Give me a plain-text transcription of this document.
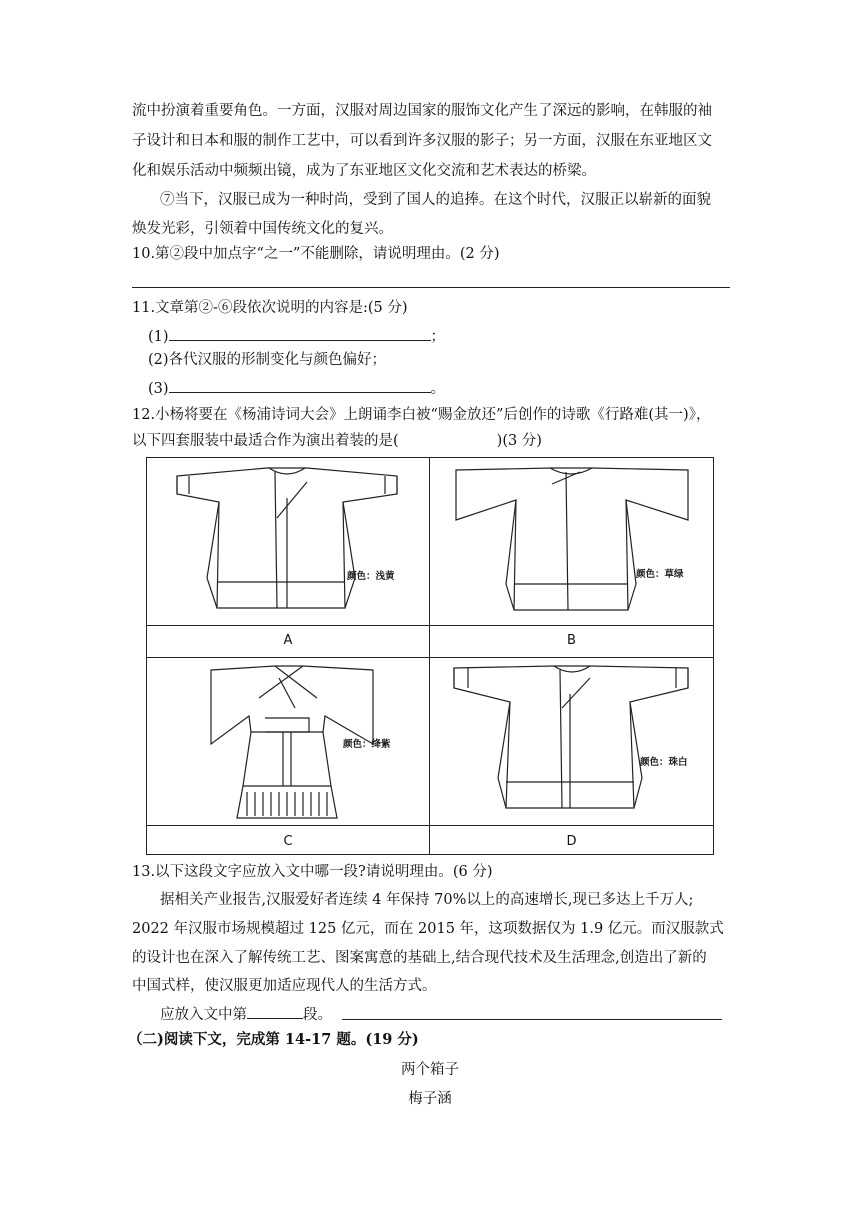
流中扮演着重要角色。一方面，汉服对周边国家的服饰文化产生了深远的影响，在韩服的袖
子设计和日本和服的制作工艺中，可以看到许多汉服的影子；另一方面，汉服在东亚地区文
化和娱乐活动中频频出镜，成为了东亚地区文化交流和艺术表达的桥梁。
⑦当下，汉服已成为一种时尚，受到了国人的追捧。在这个时代，汉服正以崭新的面貌
焕发光彩，引领着中国传统文化的复兴。
10.第②段中加点字“之一”不能删除，请说明理由。(2 分)
11.文章第②-⑥段依次说明的内容是:(5 分)
(1)	；
(2)各代汉服的形制变化与颜色偏好；
(3)	。
12.小杨将要在《杨浦诗词大会》上朗诵李白被“赐金放还”后创作的诗歌《行路难(其一)》，
以下四套服装中最适合作为演出着装的是(	)(3 分)
颜色：浅黄
A
颜色：草绿
B
颜色：绛紫
C
颜色：珠白
D
13.以下这段文字应放入文中哪一段?请说明理由。(6 分)
据相关产业报告,汉服爱好者连续 4 年保持 70%以上的高速增长,现已多达上千万人;
2022 年汉服市场规模超过 125 亿元，而在 2015 年，这项数据仅为 1.9 亿元。而汉服款式
的设计也在深入了解传统工艺、图案寓意的基础上,结合现代技术及生活理念,创造出了新的
中国式样，使汉服更加适应现代人的生活方式。
应放入文中第	段。
（二)阅读下文，完成第 14-17 题。(19 分)
两个箱子
梅子涵
